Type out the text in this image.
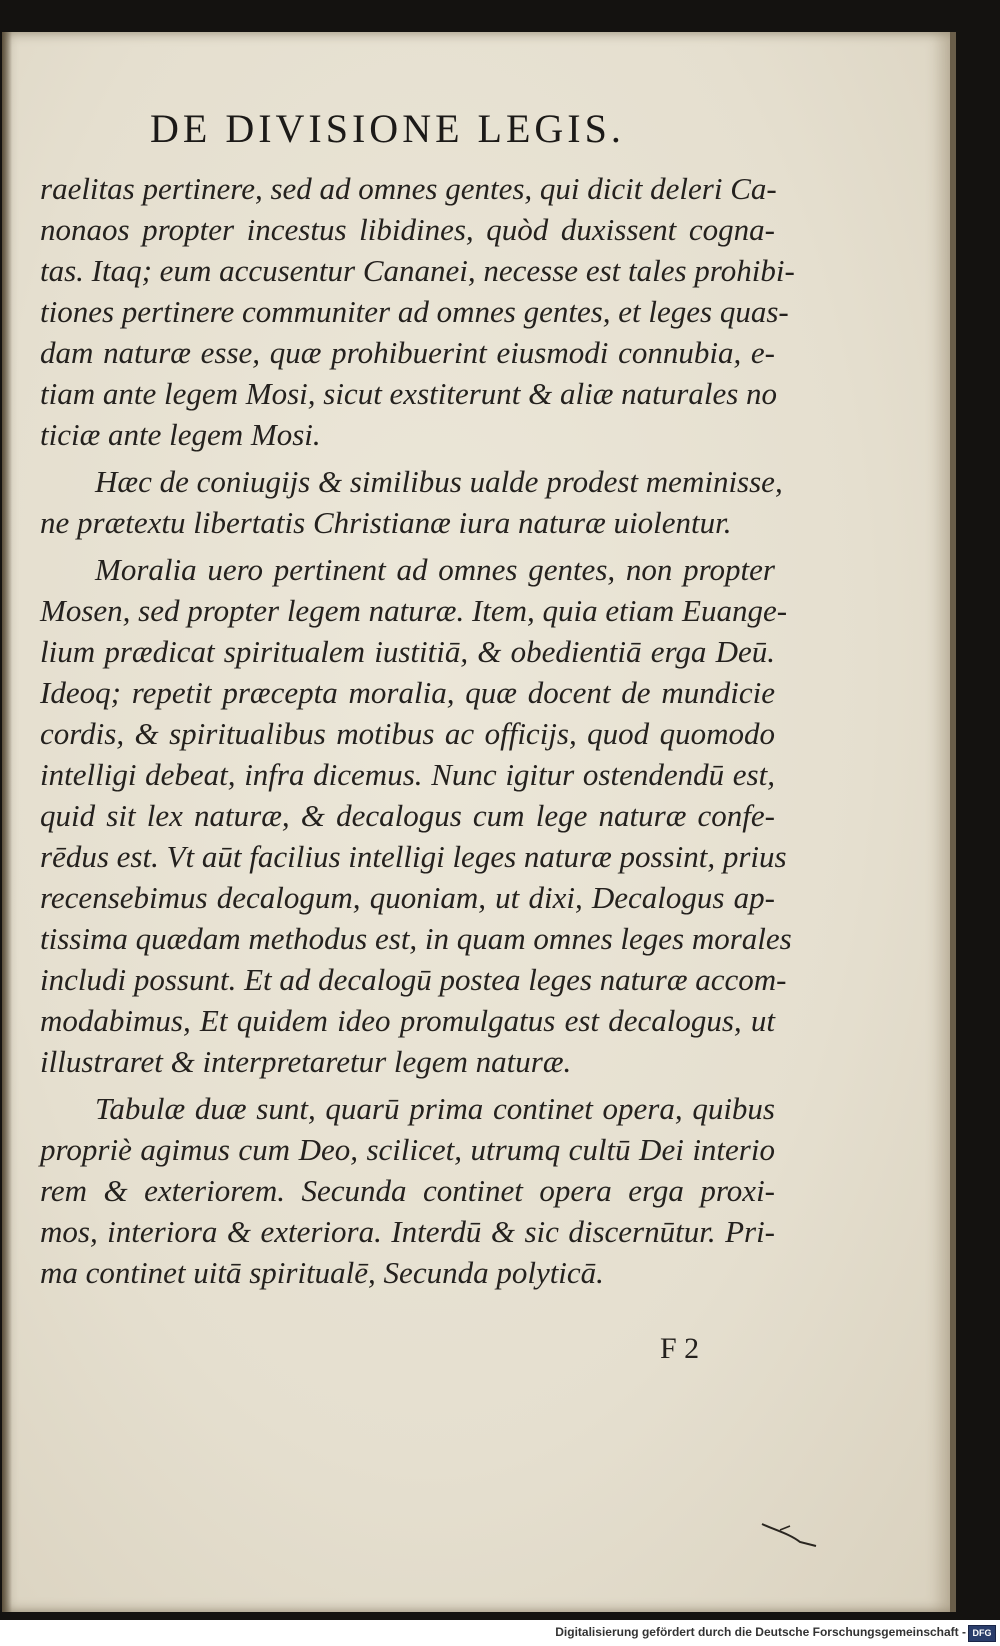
DE DIVISIONE LEGIS.
raelitas pertinere, sed ad omnes gentes, qui dicit deleri Ca-
nonaos propter incestus libidines, quòd duxissent cogna-
tas. Itaq; eum accusentur Cananei, necesse est tales prohibi-
tiones pertinere communiter ad omnes gentes, et leges quas-
dam naturæ esse, quæ prohibuerint eiusmodi connubia, e-
tiam ante legem Mosi, sicut exstiterunt & aliæ naturales no
ticiæ ante legem Mosi.
Hæc de coniugijs & similibus ualde prodest meminisse,
ne prætextu libertatis Christianæ iura naturæ uiolentur.
Moralia uero pertinent ad omnes gentes, non propter
Mosen, sed propter legem naturæ. Item, quia etiam Euange-
lium prædicat spiritualem iustitiā, & obedientiā erga Deū.
Ideoq; repetit præcepta moralia, quæ docent de mundicie
cordis, & spiritualibus motibus ac officijs, quod quomodo
intelligi debeat, infra dicemus. Nunc igitur ostendendū est,
quid sit lex naturæ, & decalogus cum lege naturæ confe-
rēdus est. Vt aūt facilius intelligi leges naturæ possint, prius
recensebimus decalogum, quoniam, ut dixi, Decalogus ap-
tissima quædam methodus est, in quam omnes leges morales
includi possunt. Et ad decalogū postea leges naturæ accom-
modabimus, Et quidem ideo promulgatus est decalogus, ut
illustraret & interpretaretur legem naturæ.
Tabulæ duæ sunt, quarū prima continet opera, quibus
propriè agimus cum Deo, scilicet, utrumq cultū Dei interio
rem & exteriorem. Secunda continet opera erga proxi-
mos, interiora & exteriora. Interdū & sic discernūtur. Pri-
ma continet uitā spiritualē, Secunda polyticā.
F 2
Digitalisierung gefördert durch die Deutsche Forschungsgemeinschaft - DFG
